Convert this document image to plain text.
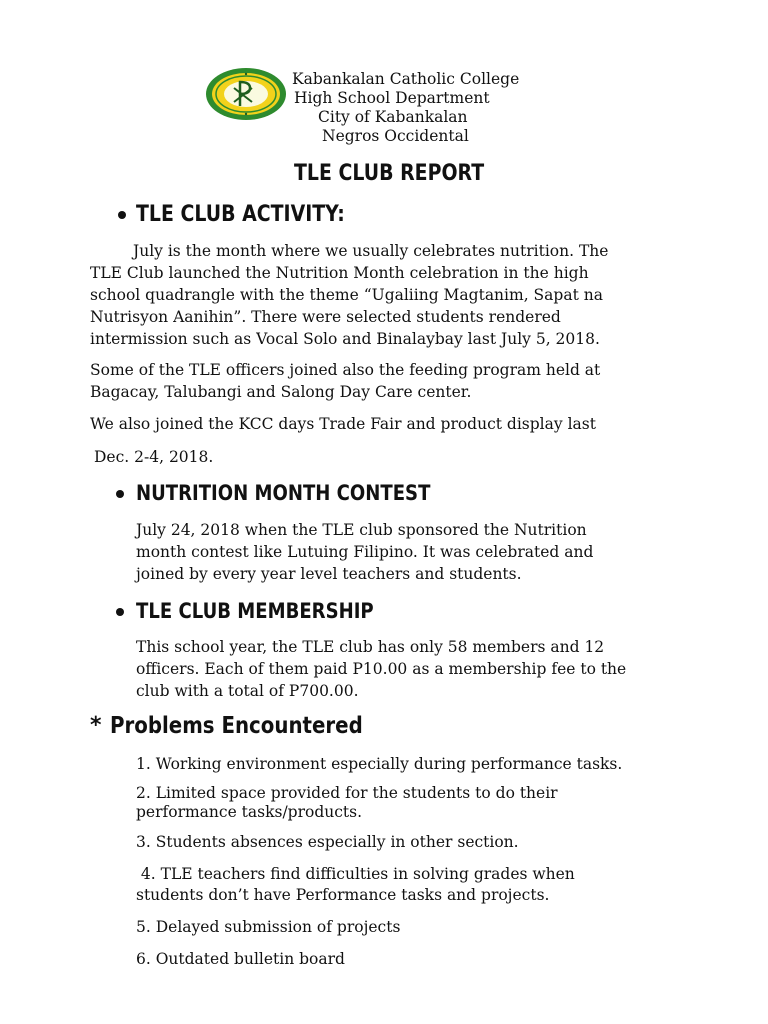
Kabankalan Catholic College
High School Department
City of Kabankalan
Negros Occidental
TLE CLUB REPORT
TLE CLUB ACTIVITY:
July is the month where we usually celebrates nutrition. The
TLE Club launched the Nutrition Month celebration in the high
school quadrangle with the theme “Ugaliing Magtanim, Sapat na
Nutrisyon Aanihin”. There were selected students rendered
intermission such as Vocal Solo and Binalaybay last July 5, 2018.
Some of the TLE officers joined also the feeding program held at
Bagacay, Talubangi and Salong Day Care center.
We also joined the KCC days Trade Fair and product display last
Dec. 2-4, 2018.
NUTRITION MONTH CONTEST
July 24, 2018 when the TLE club sponsored the Nutrition
month contest like Lutuing Filipino. It was celebrated and
joined by every year level teachers and students.
TLE CLUB MEMBERSHIP
This school year, the TLE club has only 58 members and 12
officers. Each of them paid P10.00 as a membership fee to the
club with a total of P700.00.
* Problems Encountered
1. Working environment especially during performance tasks.
2. Limited space provided for the students to do their
performance tasks/products.
3. Students absences especially in other section.
4. TLE teachers find difficulties in solving grades when
students don’t have Performance tasks and projects.
5. Delayed submission of projects
6. Outdated bulletin board
